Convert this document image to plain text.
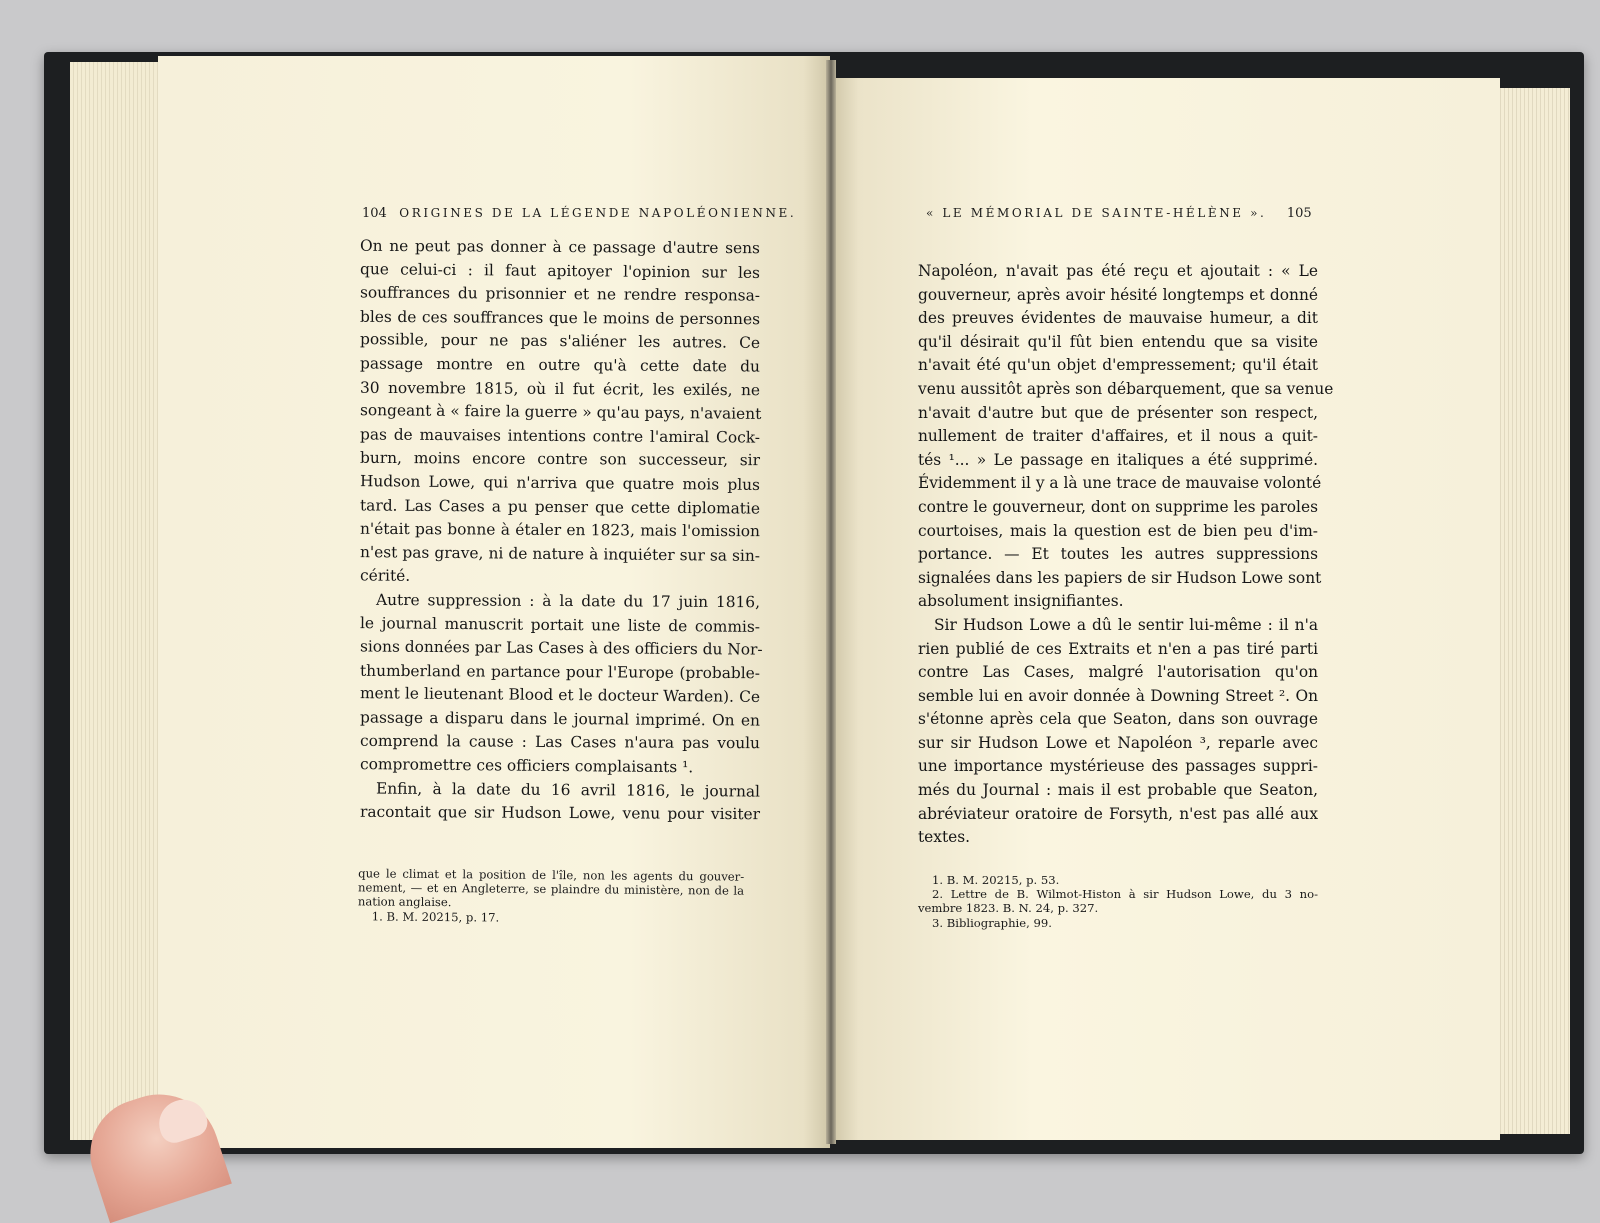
104 ORIGINES DE LA LÉGENDE NAPOLÉONIENNE.	« LE MÉMORIAL DE SAINTE-HÉLÈNE ». 105
On ne peut pas donner à ce passage d'autre sens
que celui-ci : il faut apitoyer l'opinion sur les
souffrances du prisonnier et ne rendre responsa-
bles de ces souffrances que le moins de personnes
possible, pour ne pas s'aliéner les autres. Ce
passage montre en outre qu'à cette date du
30 novembre 1815, où il fut écrit, les exilés, ne
songeant à « faire la guerre » qu'au pays, n'avaient
pas de mauvaises intentions contre l'amiral Cock-
burn, moins encore contre son successeur, sir
Hudson Lowe, qui n'arriva que quatre mois plus
tard. Las Cases a pu penser que cette diplomatie
n'était pas bonne à étaler en 1823, mais l'omission
n'est pas grave, ni de nature à inquiéter sur sa sin-
cérité.
Autre suppression : à la date du 17 juin 1816,
le journal manuscrit portait une liste de commis-
sions données par Las Cases à des officiers du Nor-
thumberland en partance pour l'Europe (probable-
ment le lieutenant Blood et le docteur Warden). Ce
passage a disparu dans le journal imprimé. On en
comprend la cause : Las Cases n'aura pas voulu
compromettre ces officiers complaisants ¹.
Enfin, à la date du 16 avril 1816, le journal
racontait que sir Hudson Lowe, venu pour visiter
que le climat et la position de l'île, non les agents du gouver-
nement, — et en Angleterre, se plaindre du ministère, non de la
nation anglaise.
1. B. M. 20215, p. 17.
Napoléon, n'avait pas été reçu et ajoutait : « Le
gouverneur, après avoir hésité longtemps et donné
des preuves évidentes de mauvaise humeur, a dit
qu'il désirait qu'il fût bien entendu que sa visite
n'avait été qu'un objet d'empressement; qu'il était
venu aussitôt après son débarquement, que sa venue
n'avait d'autre but que de présenter son respect,
nullement de traiter d'affaires, et il nous a quit-
tés ¹... » Le passage en italiques a été supprimé.
Évidemment il y a là une trace de mauvaise volonté
contre le gouverneur, dont on supprime les paroles
courtoises, mais la question est de bien peu d'im-
portance. — Et toutes les autres suppressions
signalées dans les papiers de sir Hudson Lowe sont
absolument insignifiantes.
Sir Hudson Lowe a dû le sentir lui-même : il n'a
rien publié de ces Extraits et n'en a pas tiré parti
contre Las Cases, malgré l'autorisation qu'on
semble lui en avoir donnée à Downing Street ². On
s'étonne après cela que Seaton, dans son ouvrage
sur sir Hudson Lowe et Napoléon ³, reparle avec
une importance mystérieuse des passages suppri-
més du Journal : mais il est probable que Seaton,
abréviateur oratoire de Forsyth, n'est pas allé aux
textes.
1. B. M. 20215, p. 53.
2. Lettre de B. Wilmot-Histon à sir Hudson Lowe, du 3 no-
vembre 1823. B. N. 24, p. 327.
3. Bibliographie, 99.
